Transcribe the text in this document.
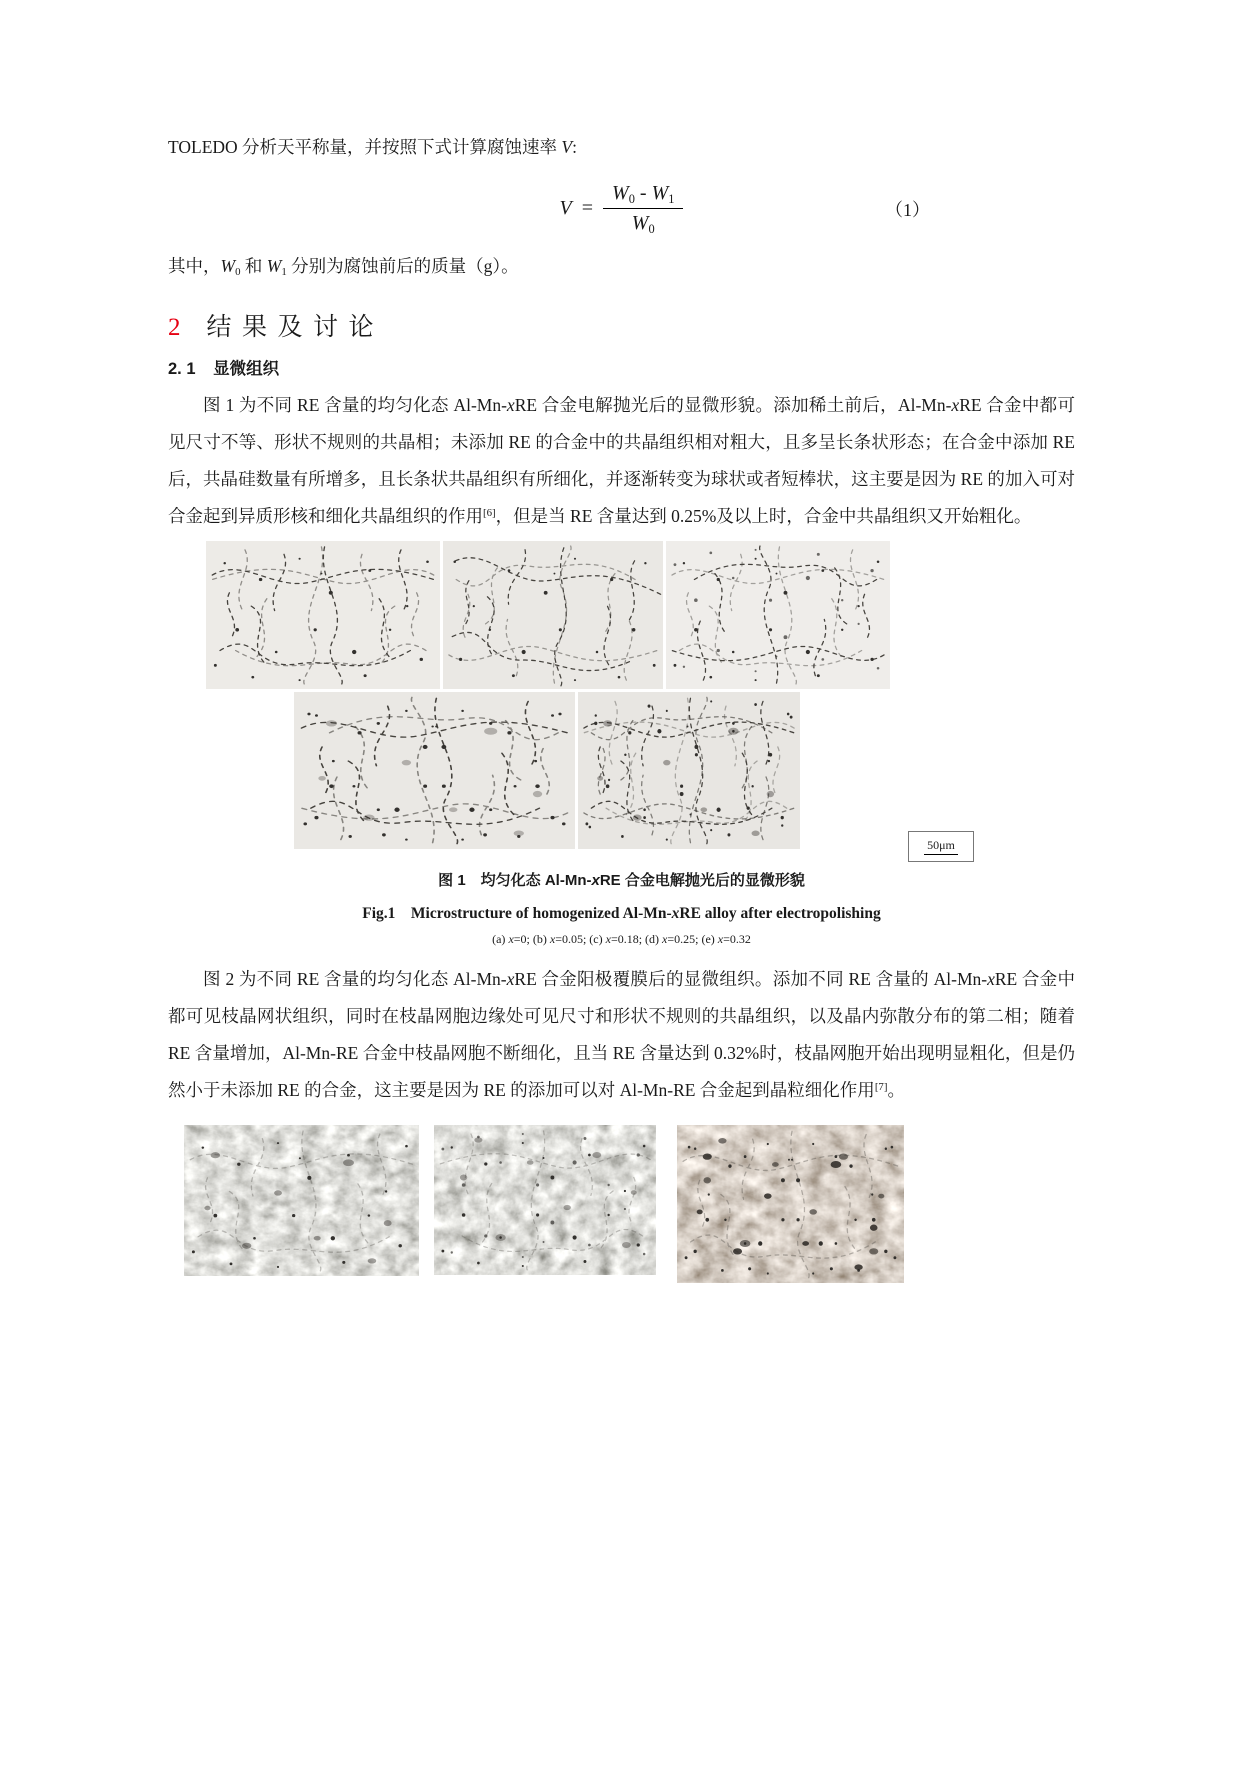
TOLEDO 分析天平称量，并按照下式计算腐蚀速率 V:

$V = \frac{W_0 - W_1}{W_0}$	（1）

其中，$W_0$ 和 $W_1$ 分别为腐蚀前后的质量（g）。

2 结果及讨论
2. 1 显微组织

图 1 为不同 RE 含量的均匀化态 Al-Mn-xRE 合金电解抛光后的显微形貌。添加稀土前后，Al-Mn-xRE 合金中都可见尺寸不等、形状不规则的共晶相；未添加 RE 的合金中的共晶组织相对粗大，且多呈长条状形态；在合金中添加 RE 后，共晶硅数量有所增多，且长条状共晶组织有所细化，并逐渐转变为球状或者短棒状，这主要是因为 RE 的加入可对合金起到异质形核和细化共晶组织的作用[6]，但是当 RE 含量达到 0.25%及以上时，合金中共晶组织又开始粗化。

50μm
图 1　均匀化态 Al-Mn-xRE 合金电解抛光后的显微形貌
Fig.1　Microstructure of homogenized Al-Mn-xRE alloy after electropolishing
(a) x=0; (b) x=0.05; (c) x=0.18; (d) x=0.25; (e) x=0.32

图 2 为不同 RE 含量的均匀化态 Al-Mn-xRE 合金阳极覆膜后的显微组织。添加不同 RE 含量的 Al-Mn-xRE 合金中都可见枝晶网状组织，同时在枝晶网胞边缘处可见尺寸和形状不规则的共晶组织，以及晶内弥散分布的第二相；随着 RE 含量增加，Al-Mn-RE 合金中枝晶网胞不断细化，且当 RE 含量达到 0.32%时，枝晶网胞开始出现明显粗化，但是仍然小于未添加 RE 的合金，这主要是因为 RE 的添加可以对 Al-Mn-RE 合金起到晶粒细化作用[7]。
